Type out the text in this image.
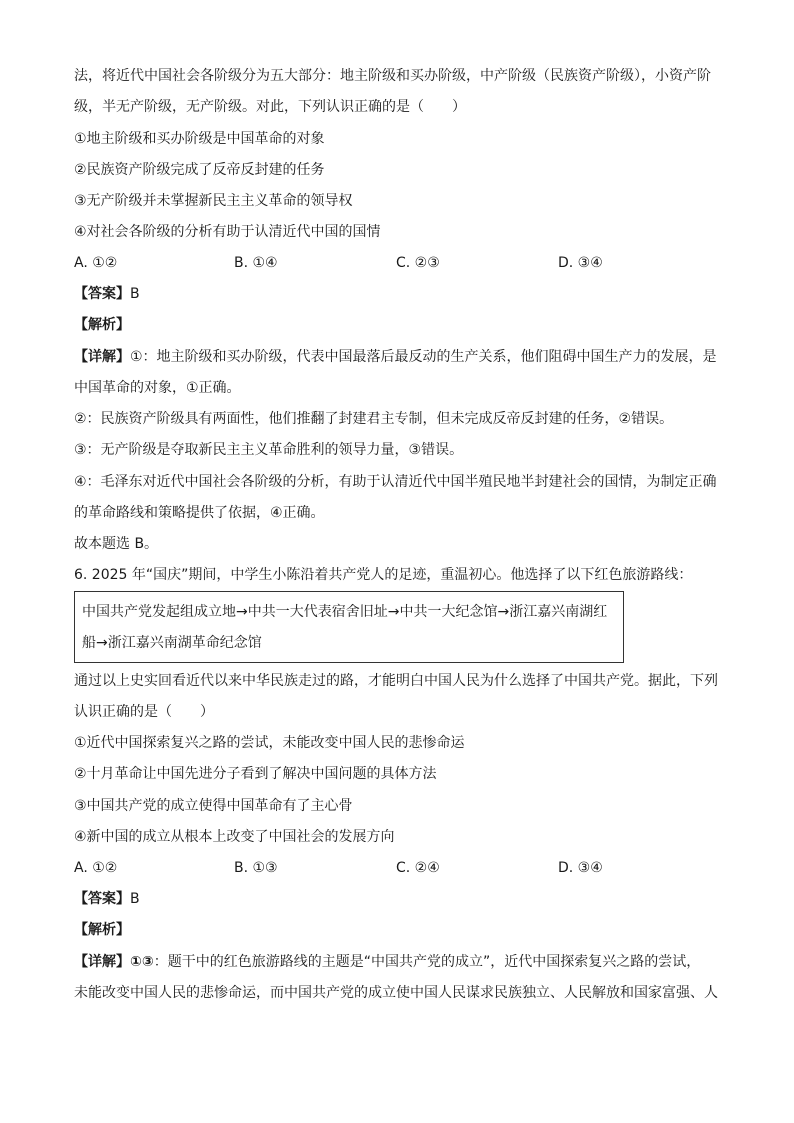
法，将近代中国社会各阶级分为五大部分：地主阶级和买办阶级，中产阶级（民族资产阶级），小资产阶
级，半无产阶级，无产阶级。对此，下列认识正确的是（　　）
①地主阶级和买办阶级是中国革命的对象
②民族资产阶级完成了反帝反封建的任务
③无产阶级并未掌握新民主主义革命的领导权
④对社会各阶级的分析有助于认清近代中国的国情
A. ①②	B. ①④	C. ②③	D. ③④
【答案】B
【解析】
【详解】①：地主阶级和买办阶级，代表中国最落后最反动的生产关系，他们阻碍中国生产力的发展，是
中国革命的对象，①正确。
②：民族资产阶级具有两面性，他们推翻了封建君主专制，但未完成反帝反封建的任务，②错误。
③：无产阶级是夺取新民主主义革命胜利的领导力量，③错误。
④：毛泽东对近代中国社会各阶级的分析，有助于认清近代中国半殖民地半封建社会的国情，为制定正确
的革命路线和策略提供了依据，④正确。
故本题选 B。
6. 2025 年“国庆”期间，中学生小陈沿着共产党人的足迹，重温初心。他选择了以下红色旅游路线：
中国共产党发起组成立地→中共一大代表宿舍旧址→中共一大纪念馆→浙江嘉兴南湖红
船→浙江嘉兴南湖革命纪念馆
通过以上史实回看近代以来中华民族走过的路，才能明白中国人民为什么选择了中国共产党。据此，下列
认识正确的是（　　）
①近代中国探索复兴之路的尝试，未能改变中国人民的悲惨命运
②十月革命让中国先进分子看到了解决中国问题的具体方法
③中国共产党的成立使得中国革命有了主心骨
④新中国的成立从根本上改变了中国社会的发展方向
A. ①②	B. ①③	C. ②④	D. ③④
【答案】B
【解析】
【详解】①③：题干中的红色旅游路线的主题是“中国共产党的成立”，近代中国探索复兴之路的尝试，
未能改变中国人民的悲惨命运，而中国共产党的成立使中国人民谋求民族独立、人民解放和国家富强、人
